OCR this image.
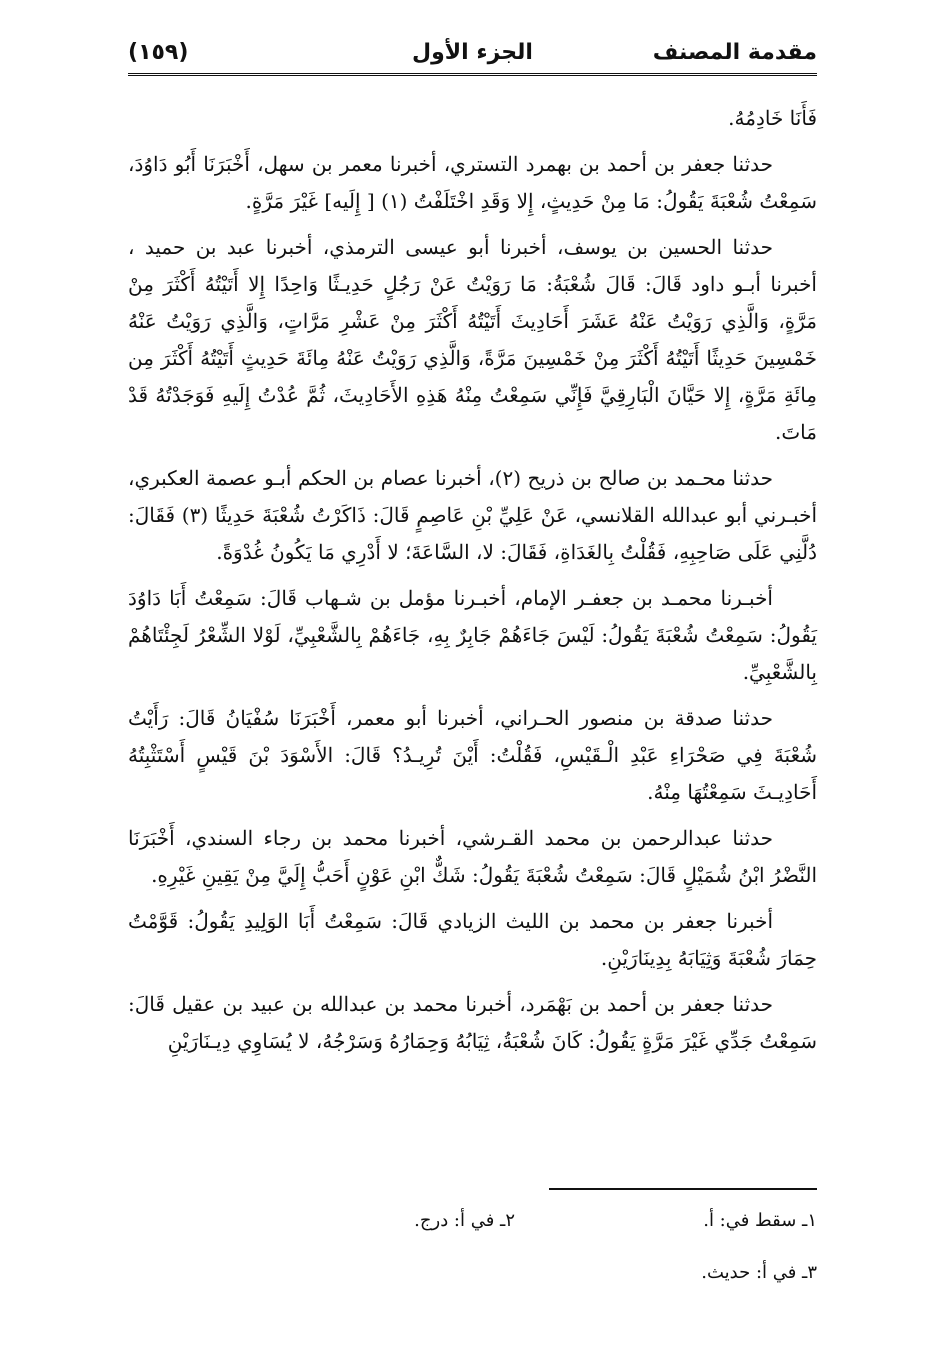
مقدمة المصنف
الجزء الأول
(١٥٩)

فَأَنَا خَادِمُهُ.

حدثنا جعفر بن أحمد بن بهمرد التستري، أخبرنا معمر بن سهل، أَخْبَرَنَا أَبُو دَاوُدَ، سَمِعْتُ شُعْبَةَ يَقُولُ: مَا مِنْ حَدِيثٍ، إِلا وَقَدِ اخْتَلَفْتُ (١) [ إِلَيه] غَيْرَ مَرَّةٍ.

حدثنا الحسين بن يوسف، أخبرنا أبو عيسى الترمذي، أخبرنا عبد بن حميد ، أخبرنا أبـو داود قَالَ: قَالَ شُعْبَةُ: مَا رَوَيْتُ عَنْ رَجُلٍ حَدِيـثًا وَاحِدًا إِلا أَتَيْتُهُ أَكْثَرَ مِنْ مَرَّةٍ، وَالَّذِي رَوَيْتُ عَنْهُ عَشَرَ أَحَادِيثَ أَتَيْتُهُ أَكْثَرَ مِنْ عَشْرِ مَرَّاتٍ، وَالَّذِي رَوَيْتُ عَنْهُ خَمْسِينَ حَدِيثًا أَتَيْتُهُ أَكْثَرَ مِنْ خَمْسِينَ مَرَّةً، وَالَّذِي رَوَيْتُ عَنْهُ مِائَةَ حَدِيثٍ أَتَيْتُهُ أَكْثَرَ مِن مِائَةِ مَرَّةٍ، إِلا حَيَّانَ الْبَارِقِيَّ فَإِنِّي سَمِعْتُ مِنْهُ هَذِهِ الأَحَادِيثَ، ثُمَّ عُدْتُ إِلَيهِ فَوَجَدْتُهُ قَدْ مَاتَ.

حدثنا محـمد بن صالح بن ذريح (٢)، أخبرنا عصام بن الحكم أبـو عصمة العكبري، أخبـرني أبو عبدالله القلانسي، عَنْ عَلِيِّ بْنِ عَاصِمٍ قَالَ: ذَاكَرْتُ شُعْبَةَ حَدِيثًا (٣) فَقَالَ: دُلَّنِي عَلَى صَاحِبِهِ، فَقُلْتُ بِالغَدَاةِ، فَقَالَ: لا، السَّاعَةَ؛ لا أَدْرِي مَا يَكُونُ غُدْوَةً.

أخبـرنا محمـد بن جعفـر الإمام، أخبـرنا مؤمل بن شـهاب قَالَ: سَمِعْتُ أَبَا دَاوُدَ يَقُولُ: سَمِعْتُ شُعْبَةَ يَقُولُ: لَيْسَ جَاءَهُمْ جَابِرٌ بِهِ، جَاءَهُمْ بِالشَّعْبِيِّ، لَوْلا الشِّعْرُ لَجِئْتَاهُمْ بِالشَّعْبِيِّ.

حدثنا صدقة بن منصور الحـراني، أخبرنا أبو معمر، أَخْبَرَنَا سُفْيَانُ قَالَ: رَأَيْتُ شُعْبَةَ فِي صَحْرَاءِ عَبْدِ الْـقَيْسِ، فَقُلْتُ: أَيْنَ تُرِيـدُ؟ قَالَ: الأَسْوَدَ بْنَ قَيْسٍ أَسْتَثْبِتُهُ أَحَادِيـثَ سَمِعْتُهَا مِنْهُ.

حدثنا عبدالرحمن بن محمد القـرشي، أخبرنا محمد بن رجاء السندي، أَخْبَرَنَا النَّضْرُ ابْنُ شُمَيْلٍ قَالَ: سَمِعْتُ شُعْبَةَ يَقُولُ: شَكٌّ ابْنِ عَوْنٍ أَحَبُّ إِلَيَّ مِنْ يَقِينِ غَيْرِهِ.

أخبرنا جعفر بن محمد بن الليث الزيادي قَالَ: سَمِعْتُ أَبَا الوَلِيدِ يَقُولُ: قَوَّمْتُ حِمَارَ شُعْبَةَ وَثِيَابَهُ بِدِينَارَيْنِ.

حدثنا جعفر بن أحمد بن بَهْمَرد، أخبرنا محمد بن عبدالله بن عبيد بن عقيل قَالَ: سَمِعْتُ جَدِّي غَيْرَ مَرَّةٍ يَقُولُ: كَانَ شُعْبَةُ، ثِيَابُهُ وَحِمَارُهُ وَسَرْجُهُ، لا يُسَاوِي دِيـنَارَيْنِ

١ـ سقط في: أ.
٢ـ في أ: درج.
٣ـ في أ: حديث.
